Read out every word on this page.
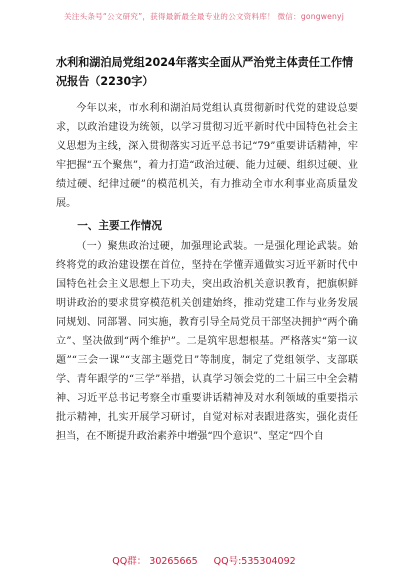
关注头条号“公文研究”，获得最新最全最专业的公文资料库！ 微信：gongwenyj
水利和湖泊局党组2024年落实全面从严治党主体责任工作情况报告（2230字）

今年以来，市水利和湖泊局党组认真贯彻新时代党的建设总要求，以政治建设为统领，以学习贯彻习近平新时代中国特色社会主义思想为主线，深入贯彻落实习近平总书记“79”重要讲话精神，牢牢把握“五个聚焦”，着力打造“政治过硬、能力过硬、组织过硬、业绩过硬、纪律过硬”的模范机关，有力推动全市水利事业高质量发展。

一、主要工作情况

（一）聚焦政治过硬，加强理论武装。一是强化理论武装。始终将党的政治建设摆在首位，坚持在学懂弄通做实习近平新时代中国特色社会主义思想上下功夫，突出政治机关意识教育，把旗帜鲜明讲政治的要求贯穿模范机关创建始终，推动党建工作与业务发展同规划、同部署、同实施，教育引导全局党员干部坚决拥护“两个确立”、坚决做到“两个维护”。二是筑牢思想根基。严格落实“第一议题”“三会一课”“支部主题党日”等制度，制定了党组领学、支部联学、青年跟学的“三学”举措，认真学习领会党的二十届三中全会精神、习近平总书记考察全市重要讲话精神及对水利领域的重要指示批示精神，扎实开展学习研讨，自觉对标对表跟进落实，强化责任担当，在不断提升政治素养中增强“四个意识”、坚定“四个自

QQ群： 30265665 QQ号:535304092
